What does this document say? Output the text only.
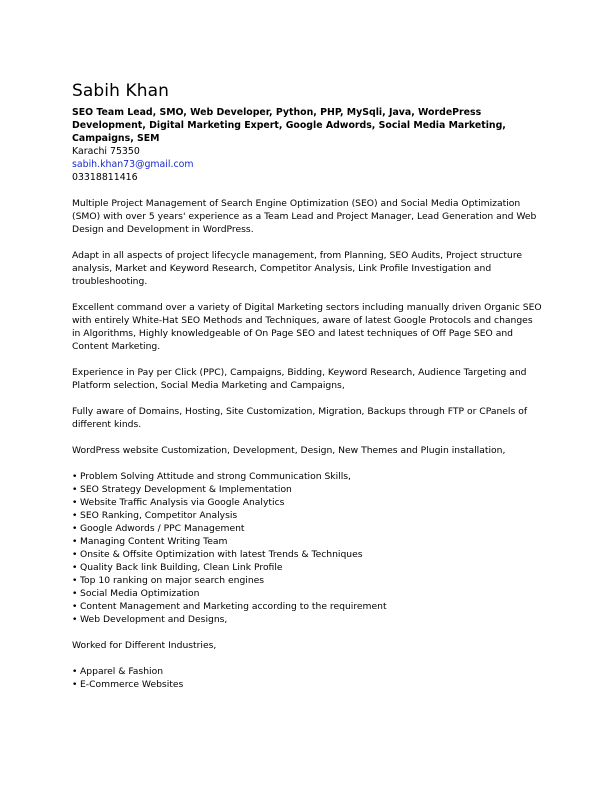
Sabih Khan

SEO Team Lead, SMO, Web Developer, Python, PHP, MySqli, Java, WordePress Development, Digital Marketing Expert, Google Adwords, Social Media Marketing, Campaigns, SEM

Karachi 75350

sabih.khan73@gmail.com

03318811416

Multiple Project Management of Search Engine Optimization (SEO) and Social Media Optimization (SMO) with over 5 years' experience as a Team Lead and Project Manager, Lead Generation and Web Design and Development in WordPress.

Adapt in all aspects of project lifecycle management, from Planning, SEO Audits, Project structure analysis, Market and Keyword Research, Competitor Analysis, Link Profile Investigation and troubleshooting.

Excellent command over a variety of Digital Marketing sectors including manually driven Organic SEO with entirely White-Hat SEO Methods and Techniques, aware of latest Google Protocols and changes in Algorithms, Highly knowledgeable of On Page SEO and latest techniques of Off Page SEO and Content Marketing.

Experience in Pay per Click (PPC), Campaigns, Bidding, Keyword Research, Audience Targeting and Platform selection, Social Media Marketing and Campaigns,

Fully aware of Domains, Hosting, Site Customization, Migration, Backups through FTP or CPanels of different kinds.

WordPress website Customization, Development, Design, New Themes and Plugin installation,

• Problem Solving Attitude and strong Communication Skills,
• SEO Strategy Development & Implementation
• Website Traffic Analysis via Google Analytics
• SEO Ranking, Competitor Analysis
• Google Adwords / PPC Management
• Managing Content Writing Team
• Onsite & Offsite Optimization with latest Trends & Techniques
• Quality Back link Building, Clean Link Profile
• Top 10 ranking on major search engines
• Social Media Optimization
• Content Management and Marketing according to the requirement
• Web Development and Designs,

Worked for Different Industries,

• Apparel & Fashion
• E-Commerce Websites
